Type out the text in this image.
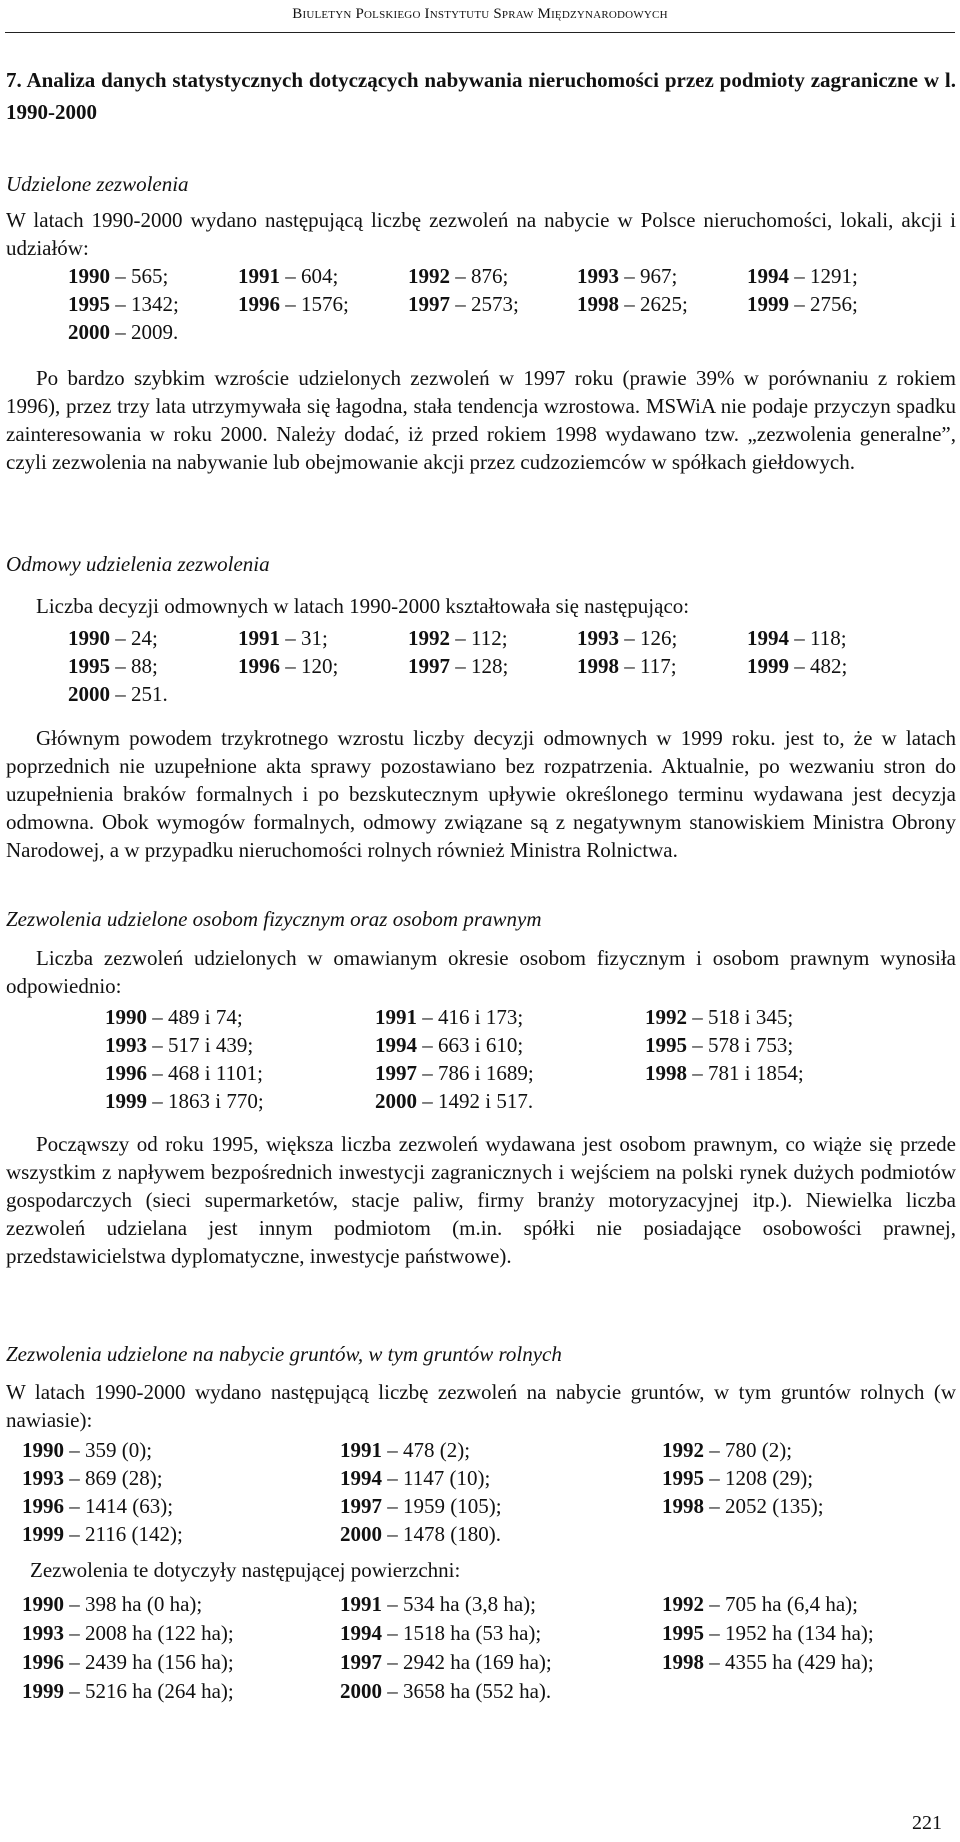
Biuletyn Polskiego Instytutu Spraw Międzynarodowych
7. Analiza danych statystycznych dotyczących nabywania nieruchomości przez podmioty zagraniczne w l. 1990-2000
Udzielone zezwolenia
W latach 1990-2000 wydano następującą liczbę zezwoleń na nabycie w Polsce nieruchomości, lokali, akcji i udziałów:
1990 – 565;	1991 – 604;	1992 – 876;	1993 – 967;	1994 – 1291;
1995 – 1342;	1996 – 1576;	1997 – 2573;	1998 – 2625;	1999 – 2756;
2000 – 2009.
Po bardzo szybkim wzroście udzielonych zezwoleń w 1997 roku (prawie 39% w porównaniu z rokiem 1996), przez trzy lata utrzymywała się łagodna, stała tendencja wzrostowa. MSWiA nie podaje przyczyn spadku zainteresowania w roku 2000. Należy dodać, iż przed rokiem 1998 wydawano tzw. „zezwolenia generalne”, czyli zezwolenia na nabywanie lub obejmowanie akcji przez cudzoziemców w spółkach giełdowych.
Odmowy udzielenia zezwolenia
Liczba decyzji odmownych w latach 1990-2000 kształtowała się następująco:
1990 – 24;	1991 – 31;	1992 – 112;	1993 – 126;	1994 – 118;
1995 – 88;	1996 – 120;	1997 – 128;	1998 – 117;	1999 – 482;
2000 – 251.
Głównym powodem trzykrotnego wzrostu liczby decyzji odmownych w 1999 roku. jest to, że w latach poprzednich nie uzupełnione akta sprawy pozostawiano bez rozpatrzenia. Aktualnie, po wezwaniu stron do uzupełnienia braków formalnych i po bezskutecznym upływie określonego terminu wydawana jest decyzja odmowna. Obok wymogów formalnych, odmowy związane są z negatywnym stanowiskiem Ministra Obrony Narodowej, a w przypadku nieruchomości rolnych również Ministra Rolnictwa.
Zezwolenia udzielone osobom fizycznym oraz osobom prawnym
Liczba zezwoleń udzielonych w omawianym okresie osobom fizycznym i osobom prawnym wynosiła odpowiednio:
1990 – 489 i 74;	1991 – 416 i 173;	1992 – 518 i 345;
1993 – 517 i 439;	1994 – 663 i 610;	1995 – 578 i 753;
1996 – 468 i 1101;	1997 – 786 i 1689;	1998 – 781 i 1854;
1999 – 1863 i 770;	2000 – 1492 i 517.
Począwszy od roku 1995, większa liczba zezwoleń wydawana jest osobom prawnym, co wiąże się przede wszystkim z napływem bezpośrednich inwestycji zagranicznych i wejściem na polski rynek dużych podmiotów gospodarczych (sieci supermarketów, stacje paliw, firmy branży motoryzacyjnej itp.). Niewielka liczba zezwoleń udzielana jest innym podmiotom (m.in. spółki nie posiadające osobowości prawnej, przedstawicielstwa dyplomatyczne, inwestycje państwowe).
Zezwolenia udzielone na nabycie gruntów, w tym gruntów rolnych
W latach 1990-2000 wydano następującą liczbę zezwoleń na nabycie gruntów, w tym gruntów rolnych (w nawiasie):
1990 – 359 (0);	1991 – 478 (2);	1992 – 780 (2);
1993 – 869 (28);	1994 – 1147 (10);	1995 – 1208 (29);
1996 – 1414 (63);	1997 – 1959 (105);	1998 – 2052 (135);
1999 – 2116 (142);	2000 – 1478 (180).
Zezwolenia te dotyczyły następującej powierzchni:
1990 – 398 ha (0 ha);	1991 – 534 ha (3,8 ha);	1992 – 705 ha (6,4 ha);
1993 – 2008 ha (122 ha);	1994 – 1518 ha (53 ha);	1995 – 1952 ha (134 ha);
1996 – 2439 ha (156 ha);	1997 – 2942 ha (169 ha);	1998 – 4355 ha (429 ha);
1999 – 5216 ha (264 ha);	2000 – 3658 ha (552 ha).
221
